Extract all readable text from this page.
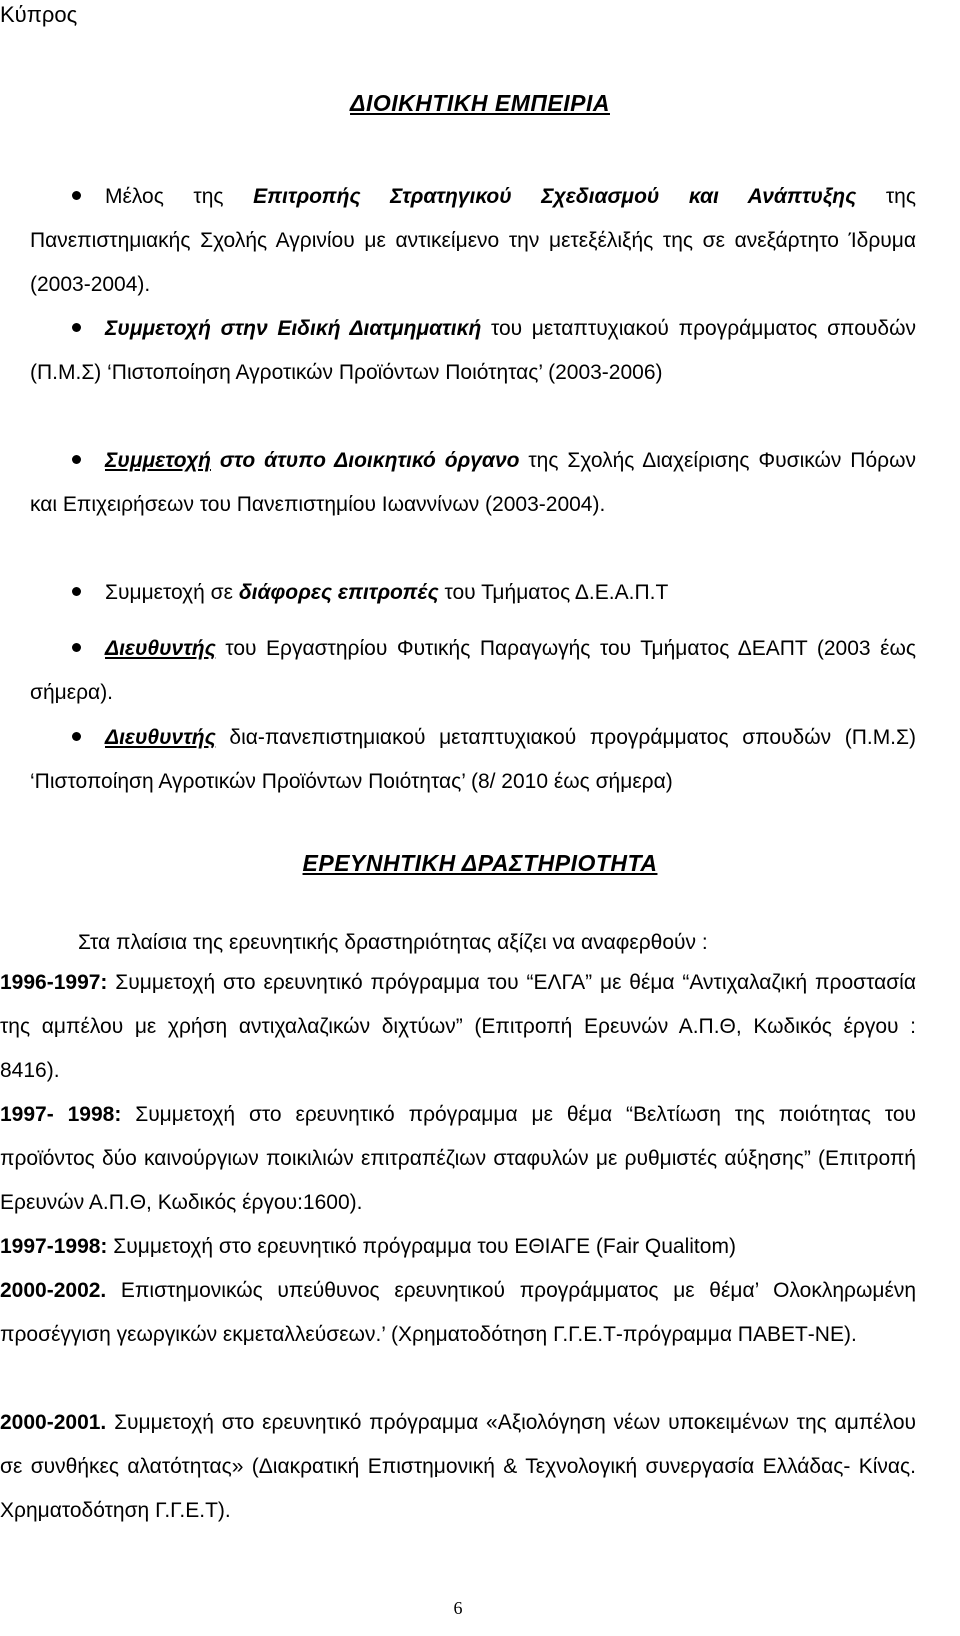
Κύπρος
ΔΙΟΙΚΗΤΙΚΗ ΕΜΠΕΙΡΙΑ
Μέλος της Επιτροπής Στρατηγικού Σχεδιασμού και Ανάπτυξης της Πανεπιστημιακής Σχολής Αγρινίου με αντικείμενο την μετεξέλιξής της σε ανεξάρτητο Ίδρυμα (2003-2004).
Συμμετοχή στην Ειδική Διατμηματική του μεταπτυχιακού προγράμματος σπουδών (Π.Μ.Σ) ‘Πιστοποίηση Αγροτικών Προϊόντων Ποιότητας’ (2003-2006)
Συμμετοχή στο άτυπο Διοικητικό όργανο της Σχολής Διαχείρισης Φυσικών Πόρων και Επιχειρήσεων του Πανεπιστημίου Ιωαννίνων (2003-2004).
Συμμετοχή σε διάφορες επιτροπές του Τμήματος Δ.Ε.Α.Π.Τ
Διευθυντής του Εργαστηρίου Φυτικής Παραγωγής του Τμήματος ΔΕΑΠΤ (2003 έως σήμερα).
Διευθυντής δια-πανεπιστημιακού μεταπτυχιακού προγράμματος σπουδών (Π.Μ.Σ) ‘Πιστοποίηση Αγροτικών Προϊόντων Ποιότητας’ (8/ 2010 έως σήμερα)
ΕΡΕΥΝΗΤΙΚΗ ΔΡΑΣΤΗΡΙΟΤΗΤΑ
Στα πλαίσια της ερευνητικής δραστηριότητας αξίζει να αναφερθούν :
1996-1997: Συμμετοχή στο ερευνητικό πρόγραμμα του “ΕΛΓΑ” με θέμα “Αντιχαλαζική προστασία της αμπέλου με χρήση αντιχαλαζικών διχτύων” (Επιτροπή Ερευνών Α.Π.Θ, Κωδικός έργου : 8416).
1997- 1998: Συμμετοχή στο ερευνητικό πρόγραμμα με θέμα “Βελτίωση της ποιότητας του προϊόντος δύο καινούργιων ποικιλιών επιτραπέζιων σταφυλών με ρυθμιστές αύξησης” (Επιτροπή Ερευνών Α.Π.Θ, Κωδικός έργου:1600).
1997-1998: Συμμετοχή στο ερευνητικό πρόγραμμα του ΕΘΙΑΓΕ (Fair Qualitom)
2000-2002. Επιστημονικώς υπεύθυνος ερευνητικού προγράμματος με θέμα’ Ολοκληρωμένη προσέγγιση γεωργικών εκμεταλλεύσεων.’ (Χρηματοδότηση Γ.Γ.Ε.Τ-πρόγραμμα ΠΑΒΕΤ-ΝΕ).
2000-2001. Συμμετοχή στο ερευνητικό πρόγραμμα «Αξιολόγηση νέων υποκειμένων της αμπέλου σε συνθήκες αλατότητας» (Διακρατική Επιστημονική & Τεχνολογική συνεργασία Ελλάδας- Κίνας. Χρηματοδότηση Γ.Γ.Ε.Τ).
6
